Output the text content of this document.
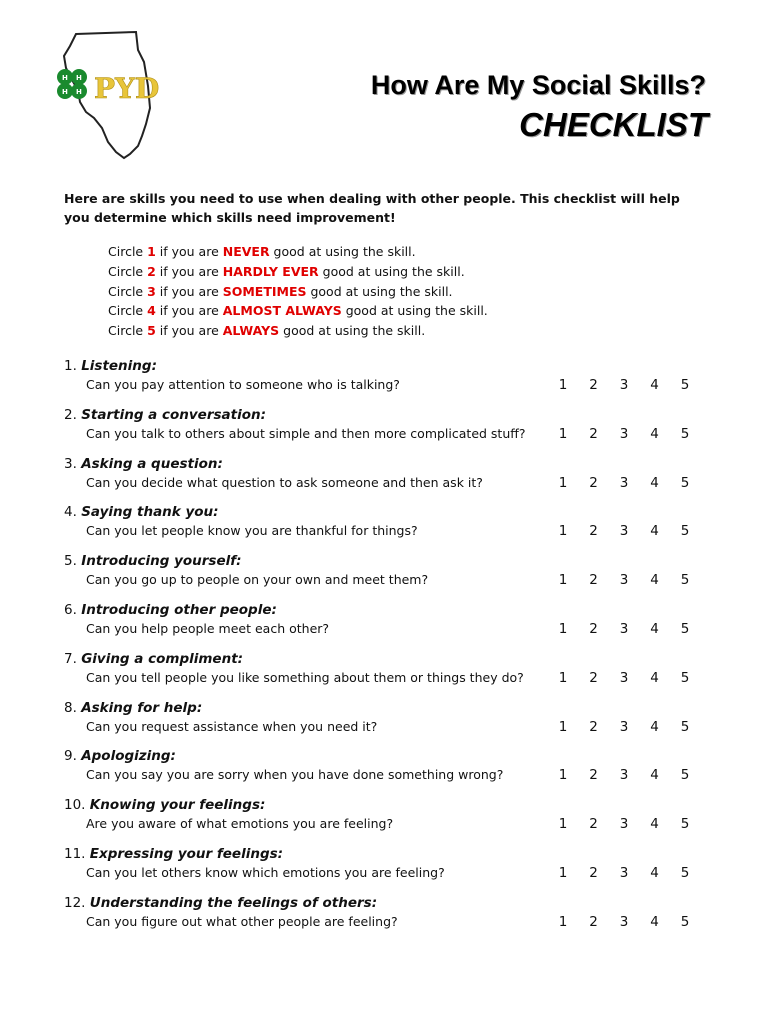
H H
H H PYD	How Are My Social Skills?
CHECKLIST

Here are skills you need to use when dealing with other people. This checklist will help you determine which skills need improvement!

Circle 1 if you are NEVER good at using the skill.
Circle 2 if you are HARDLY EVER good at using the skill.
Circle 3 if you are SOMETIMES good at using the skill.
Circle 4 if you are ALMOST ALWAYS good at using the skill.
Circle 5 if you are ALWAYS good at using the skill.
1. Listening:
Can you pay attention to someone who is talking?	1 2 3 4 5
2. Starting a conversation:
Can you talk to others about simple and then more complicated stuff? 1 2 3 4 5
3. Asking a question:
Can you decide what question to ask someone and then ask it?	1 2 3 4 5
4. Saying thank you:
Can you let people know you are thankful for things?	1 2 3 4 5
5. Introducing yourself:
Can you go up to people on your own and meet them?	1 2 3 4 5
6. Introducing other people:
Can you help people meet each other?	1 2 3 4 5
7. Giving a compliment:
Can you tell people you like something about them or things they do?	1 2 3 4 5
8. Asking for help:
Can you request assistance when you need it?	1 2 3 4 5
9. Apologizing:
Can you say you are sorry when you have done something wrong?	1 2 3 4 5
10. Knowing your feelings:
Are you aware of what emotions you are feeling?	1 2 3 4 5
11. Expressing your feelings:
Can you let others know which emotions you are feeling?	1 2 3 4 5
12. Understanding the feelings of others:
Can you figure out what other people are feeling?	1 2 3 4 5
